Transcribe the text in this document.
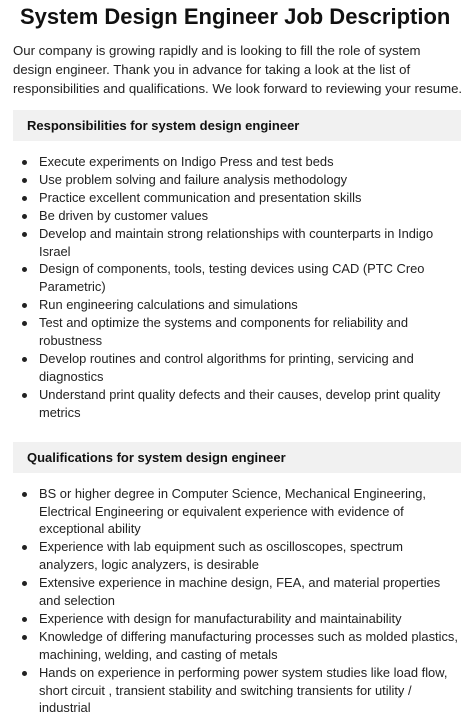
System Design Engineer Job Description

Our company is growing rapidly and is looking to fill the role of system design engineer. Thank you in advance for taking a look at the list of responsibilities and qualifications. We look forward to reviewing your resume.

Responsibilities for system design engineer
Execute experiments on Indigo Press and test beds
Use problem solving and failure analysis methodology
Practice excellent communication and presentation skills
Be driven by customer values
Develop and maintain strong relationships with counterparts in Indigo Israel
Design of components, tools, testing devices using CAD (PTC Creo Parametric)
Run engineering calculations and simulations
Test and optimize the systems and components for reliability and robustness
Develop routines and control algorithms for printing, servicing and diagnostics
Understand print quality defects and their causes, develop print quality metrics
Qualifications for system design engineer
BS or higher degree in Computer Science, Mechanical Engineering, Electrical Engineering or equivalent experience with evidence of exceptional ability
Experience with lab equipment such as oscilloscopes, spectrum analyzers, logic analyzers, is desirable
Extensive experience in machine design, FEA, and material properties and selection
Experience with design for manufacturability and maintainability
Knowledge of differing manufacturing processes such as molded plastics, machining, welding, and casting of metals
Hands on experience in performing power system studies like load flow, short circuit , transient stability and switching transients for utility / industrial
